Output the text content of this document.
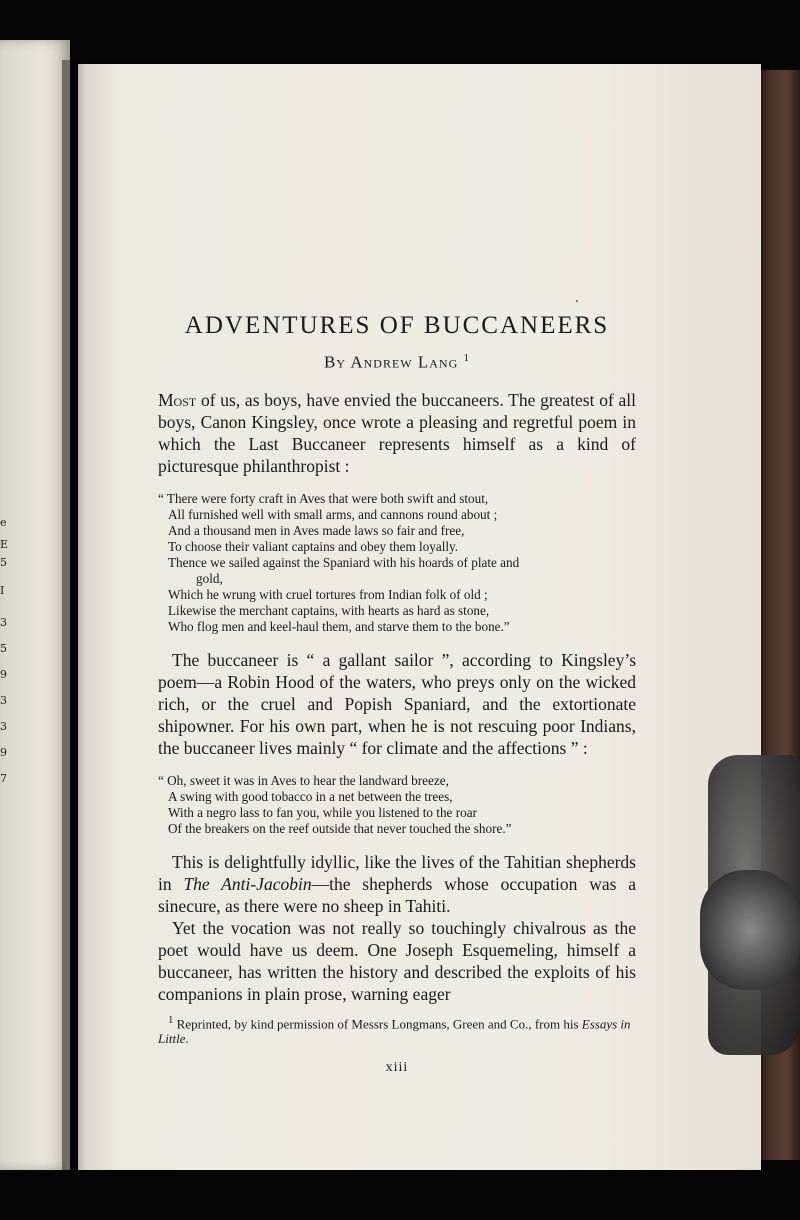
e
E
5
I
3
5
9
3
3
9
7
ADVENTURES OF BUCCANEERS
By Andrew Lang $^1$

Most of us, as boys, have envied the buccaneers. The greatest of all boys, Canon Kingsley, once wrote a pleasing and regretful poem in which the Last Buccaneer represents himself as a kind of picturesque philanthropist :

“ There were forty craft in Aves that were both swift and stout,
All furnished well with small arms, and cannons round about ;
And a thousand men in Aves made laws so fair and free,
To choose their valiant captains and obey them loyally.
Thence we sailed against the Spaniard with his hoards of plate and
gold,
Which he wrung with cruel tortures from Indian folk of old ;
Likewise the merchant captains, with hearts as hard as stone,
Who flog men and keel-haul them, and starve them to the bone.”

The buccaneer is “ a gallant sailor ”, according to Kingsley’s poem—a Robin Hood of the waters, who preys only on the wicked rich, or the cruel and Popish Spaniard, and the extortionate shipowner. For his own part, when he is not rescuing poor Indians, the buccaneer lives mainly “ for climate and the affections ” :

“ Oh, sweet it was in Aves to hear the landward breeze,
A swing with good tobacco in a net between the trees,
With a negro lass to fan you, while you listened to the roar
Of the breakers on the reef outside that never touched the shore.”

This is delightfully idyllic, like the lives of the Tahitian shepherds in The Anti-Jacobin—the shepherds whose occupation was a sinecure, as there were no sheep in Tahiti.

Yet the vocation was not really so touchingly chivalrous as the poet would have us deem. One Joseph Esquemeling, himself a buccaneer, has written the history and described the exploits of his companions in plain prose, warning eager

$^1$ Reprinted, by kind permission of Messrs Longmans, Green and Co., from his Essays in Little.
xiii
